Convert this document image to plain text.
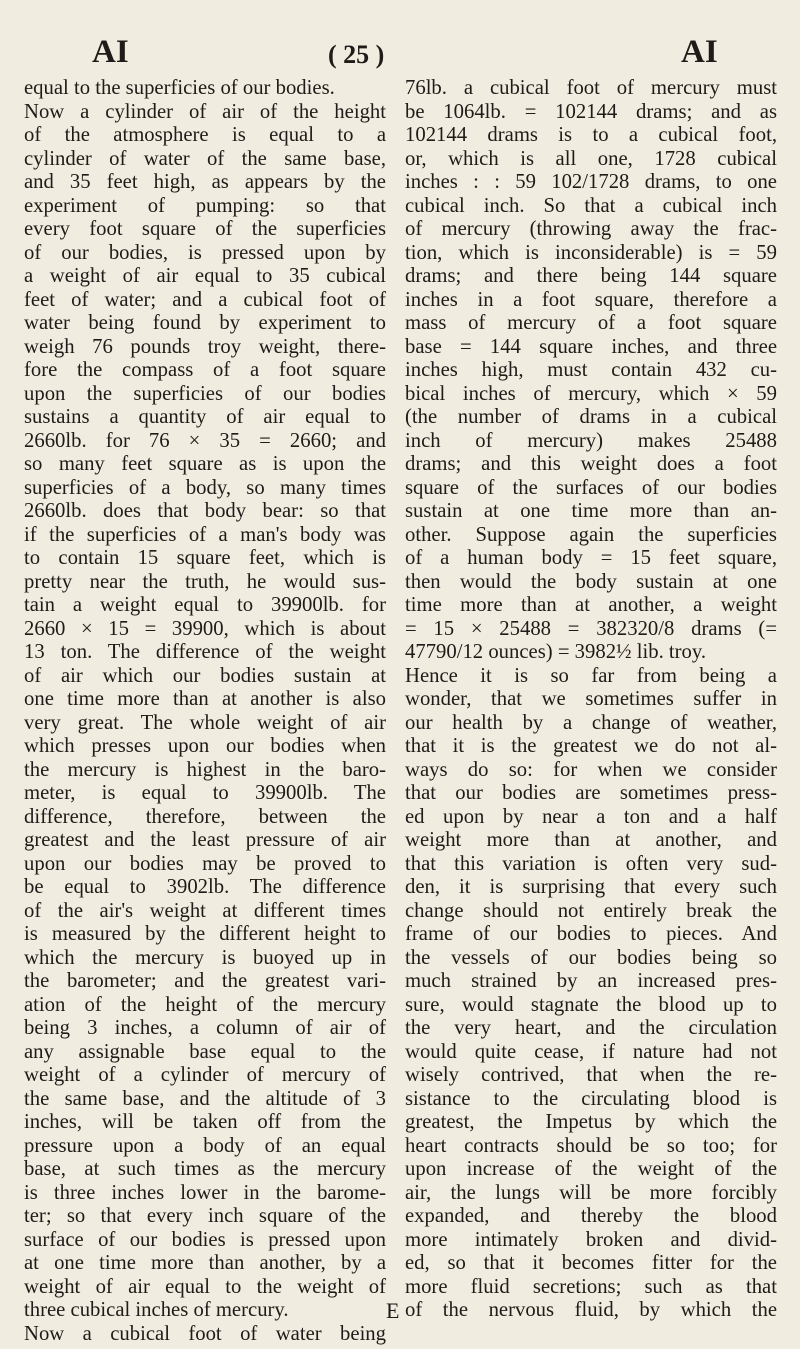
AI	( 25 )	AI
equal to the superficies of our bodies.
Now a cylinder of air of the height
of the atmosphere is equal to a
cylinder of water of the same base,
and 35 feet high, as appears by the
experiment of pumping: so that
every foot square of the superficies
of our bodies, is pressed upon by
a weight of air equal to 35 cubical
feet of water; and a cubical foot of
water being found by experiment to
weigh 76 pounds troy weight, there-
fore the compass of a foot square
upon the superficies of our bodies
sustains a quantity of air equal to
2660lb. for 76 × 35 = 2660; and
so many feet square as is upon the
superficies of a body, so many times
2660lb. does that body bear: so that
if the superficies of a man's body was
to contain 15 square feet, which is
pretty near the truth, he would sus-
tain a weight equal to 39900lb. for
2660 × 15 = 39900, which is about
13 ton. The difference of the weight
of air which our bodies sustain at
one time more than at another is also
very great. The whole weight of air
which presses upon our bodies when
the mercury is highest in the baro-
meter, is equal to 39900lb. The
difference, therefore, between the
greatest and the least pressure of air
upon our bodies may be proved to
be equal to 3902lb. The difference
of the air's weight at different times
is measured by the different height to
which the mercury is buoyed up in
the barometer; and the greatest vari-
ation of the height of the mercury
being 3 inches, a column of air of
any assignable base equal to the
weight of a cylinder of mercury of
the same base, and the altitude of 3
inches, will be taken off from the
pressure upon a body of an equal
base, at such times as the mercury
is three inches lower in the barome-
ter; so that every inch square of the
surface of our bodies is pressed upon
at one time more than another, by a
weight of air equal to the weight of
three cubical inches of mercury.
Now a cubical foot of water being
76lb. a cubical foot of mercury must
be 1064lb. = 102144 drams; and as
102144 drams is to a cubical foot,
or, which is all one, 1728 cubical
inches : : 59 102/1728 drams, to one
cubical inch. So that a cubical inch
of mercury (throwing away the frac-
tion, which is inconsiderable) is = 59
drams; and there being 144 square
inches in a foot square, therefore a
mass of mercury of a foot square
base = 144 square inches, and three
inches high, must contain 432 cu-
bical inches of mercury, which × 59
(the number of drams in a cubical
inch of mercury) makes 25488
drams; and this weight does a foot
square of the surfaces of our bodies
sustain at one time more than an-
other. Suppose again the superficies
of a human body = 15 feet square,
then would the body sustain at one
time more than at another, a weight
= 15 × 25488 = 382320/8 drams (=
47790/12 ounces) = 3982½ lib. troy.
Hence it is so far from being a
wonder, that we sometimes suffer in
our health by a change of weather,
that it is the greatest we do not al-
ways do so: for when we consider
that our bodies are sometimes press-
ed upon by near a ton and a half
weight more than at another, and
that this variation is often very sud-
den, it is surprising that every such
change should not entirely break the
frame of our bodies to pieces. And
the vessels of our bodies being so
much strained by an increased pres-
sure, would stagnate the blood up to
the very heart, and the circulation
would quite cease, if nature had not
wisely contrived, that when the re-
sistance to the circulating blood is
greatest, the Impetus by which the
heart contracts should be so too; for
upon increase of the weight of the
air, the lungs will be more forcibly
expanded, and thereby the blood
more intimately broken and divid-
ed, so that it becomes fitter for the
more fluid secretions; such as that
of the nervous fluid, by which the
E
